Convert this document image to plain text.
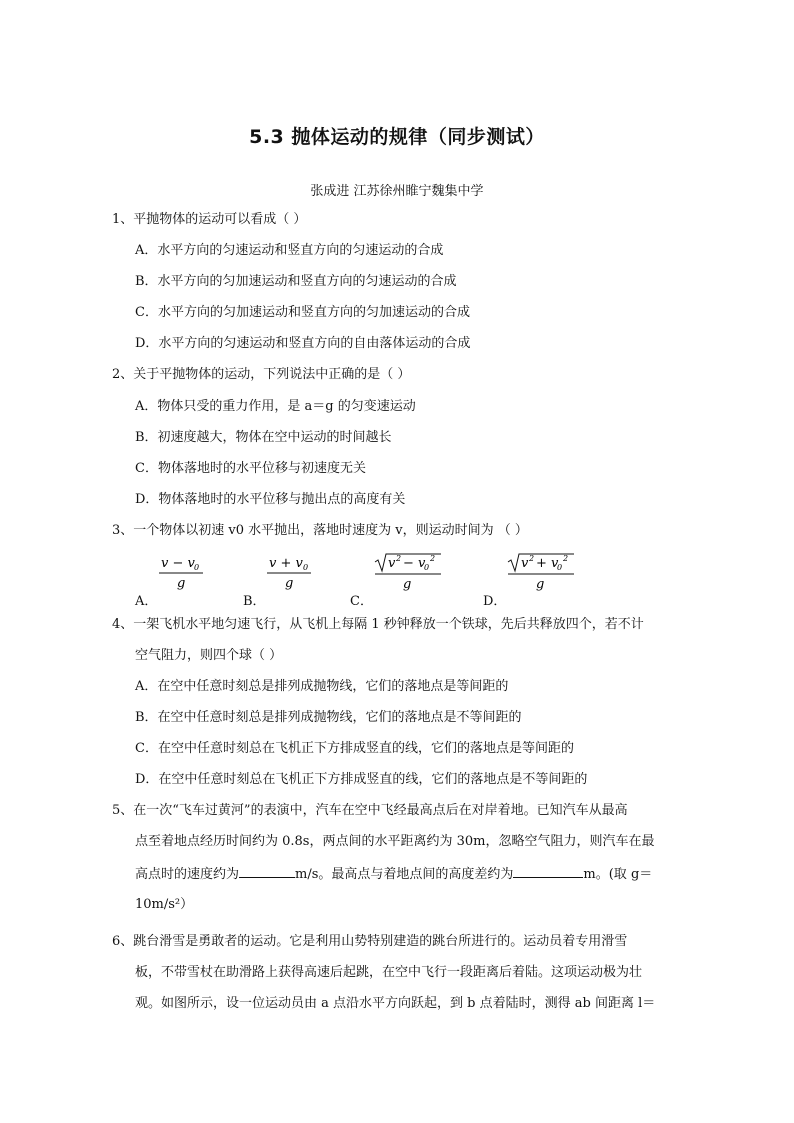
5.3 抛体运动的规律（同步测试）
张成进 江苏徐州睢宁魏集中学
1、平抛物体的运动可以看成（ ）
A．水平方向的匀速运动和竖直方向的匀速运动的合成
B．水平方向的匀加速运动和竖直方向的匀速运动的合成
C．水平方向的匀加速运动和竖直方向的匀加速运动的合成
D．水平方向的匀速运动和竖直方向的自由落体运动的合成
2、关于平抛物体的运动，下列说法中正确的是（ ）
A．物体只受的重力作用，是 a＝g 的匀变速运动
B．初速度越大，物体在空中运动的时间越长
C．物体落地时的水平位移与初速度无关
D．物体落地时的水平位移与抛出点的高度有关
3、一个物体以初速 v0 水平抛出，落地时速度为 v，则运动时间为 （ ）
A．
v − v 0
g
B．
v + v 0
g
C．
v 2 − v
0
2
g
D．
v 2 + v
0
2
g
4、一架飞机水平地匀速飞行，从飞机上每隔 1 秒钟释放一个铁球，先后共释放四个，若不计
空气阻力，则四个球（ ）
A．在空中任意时刻总是排列成抛物线，它们的落地点是等间距的
B．在空中任意时刻总是排列成抛物线，它们的落地点是不等间距的
C．在空中任意时刻总在飞机正下方排成竖直的线，它们的落地点是等间距的
D．在空中任意时刻总在飞机正下方排成竖直的线，它们的落地点是不等间距的
5、在一次“飞车过黄河”的表演中，汽车在空中飞经最高点后在对岸着地。已知汽车从最高
点至着地点经历时间约为 0.8s，两点间的水平距离约为 30m，忽略空气阻力，则汽车在最
高点时的速度约为	m/s。最高点与着地点间的高度差约为	m。(取 g＝
10m/s²）
6、跳台滑雪是勇敢者的运动。它是利用山势特别建造的跳台所进行的。运动员着专用滑雪
板，不带雪杖在助滑路上获得高速后起跳，在空中飞行一段距离后着陆。这项运动极为壮
观。如图所示，设一位运动员由 a 点沿水平方向跃起，到 b 点着陆时，测得 ab 间距离 l＝
